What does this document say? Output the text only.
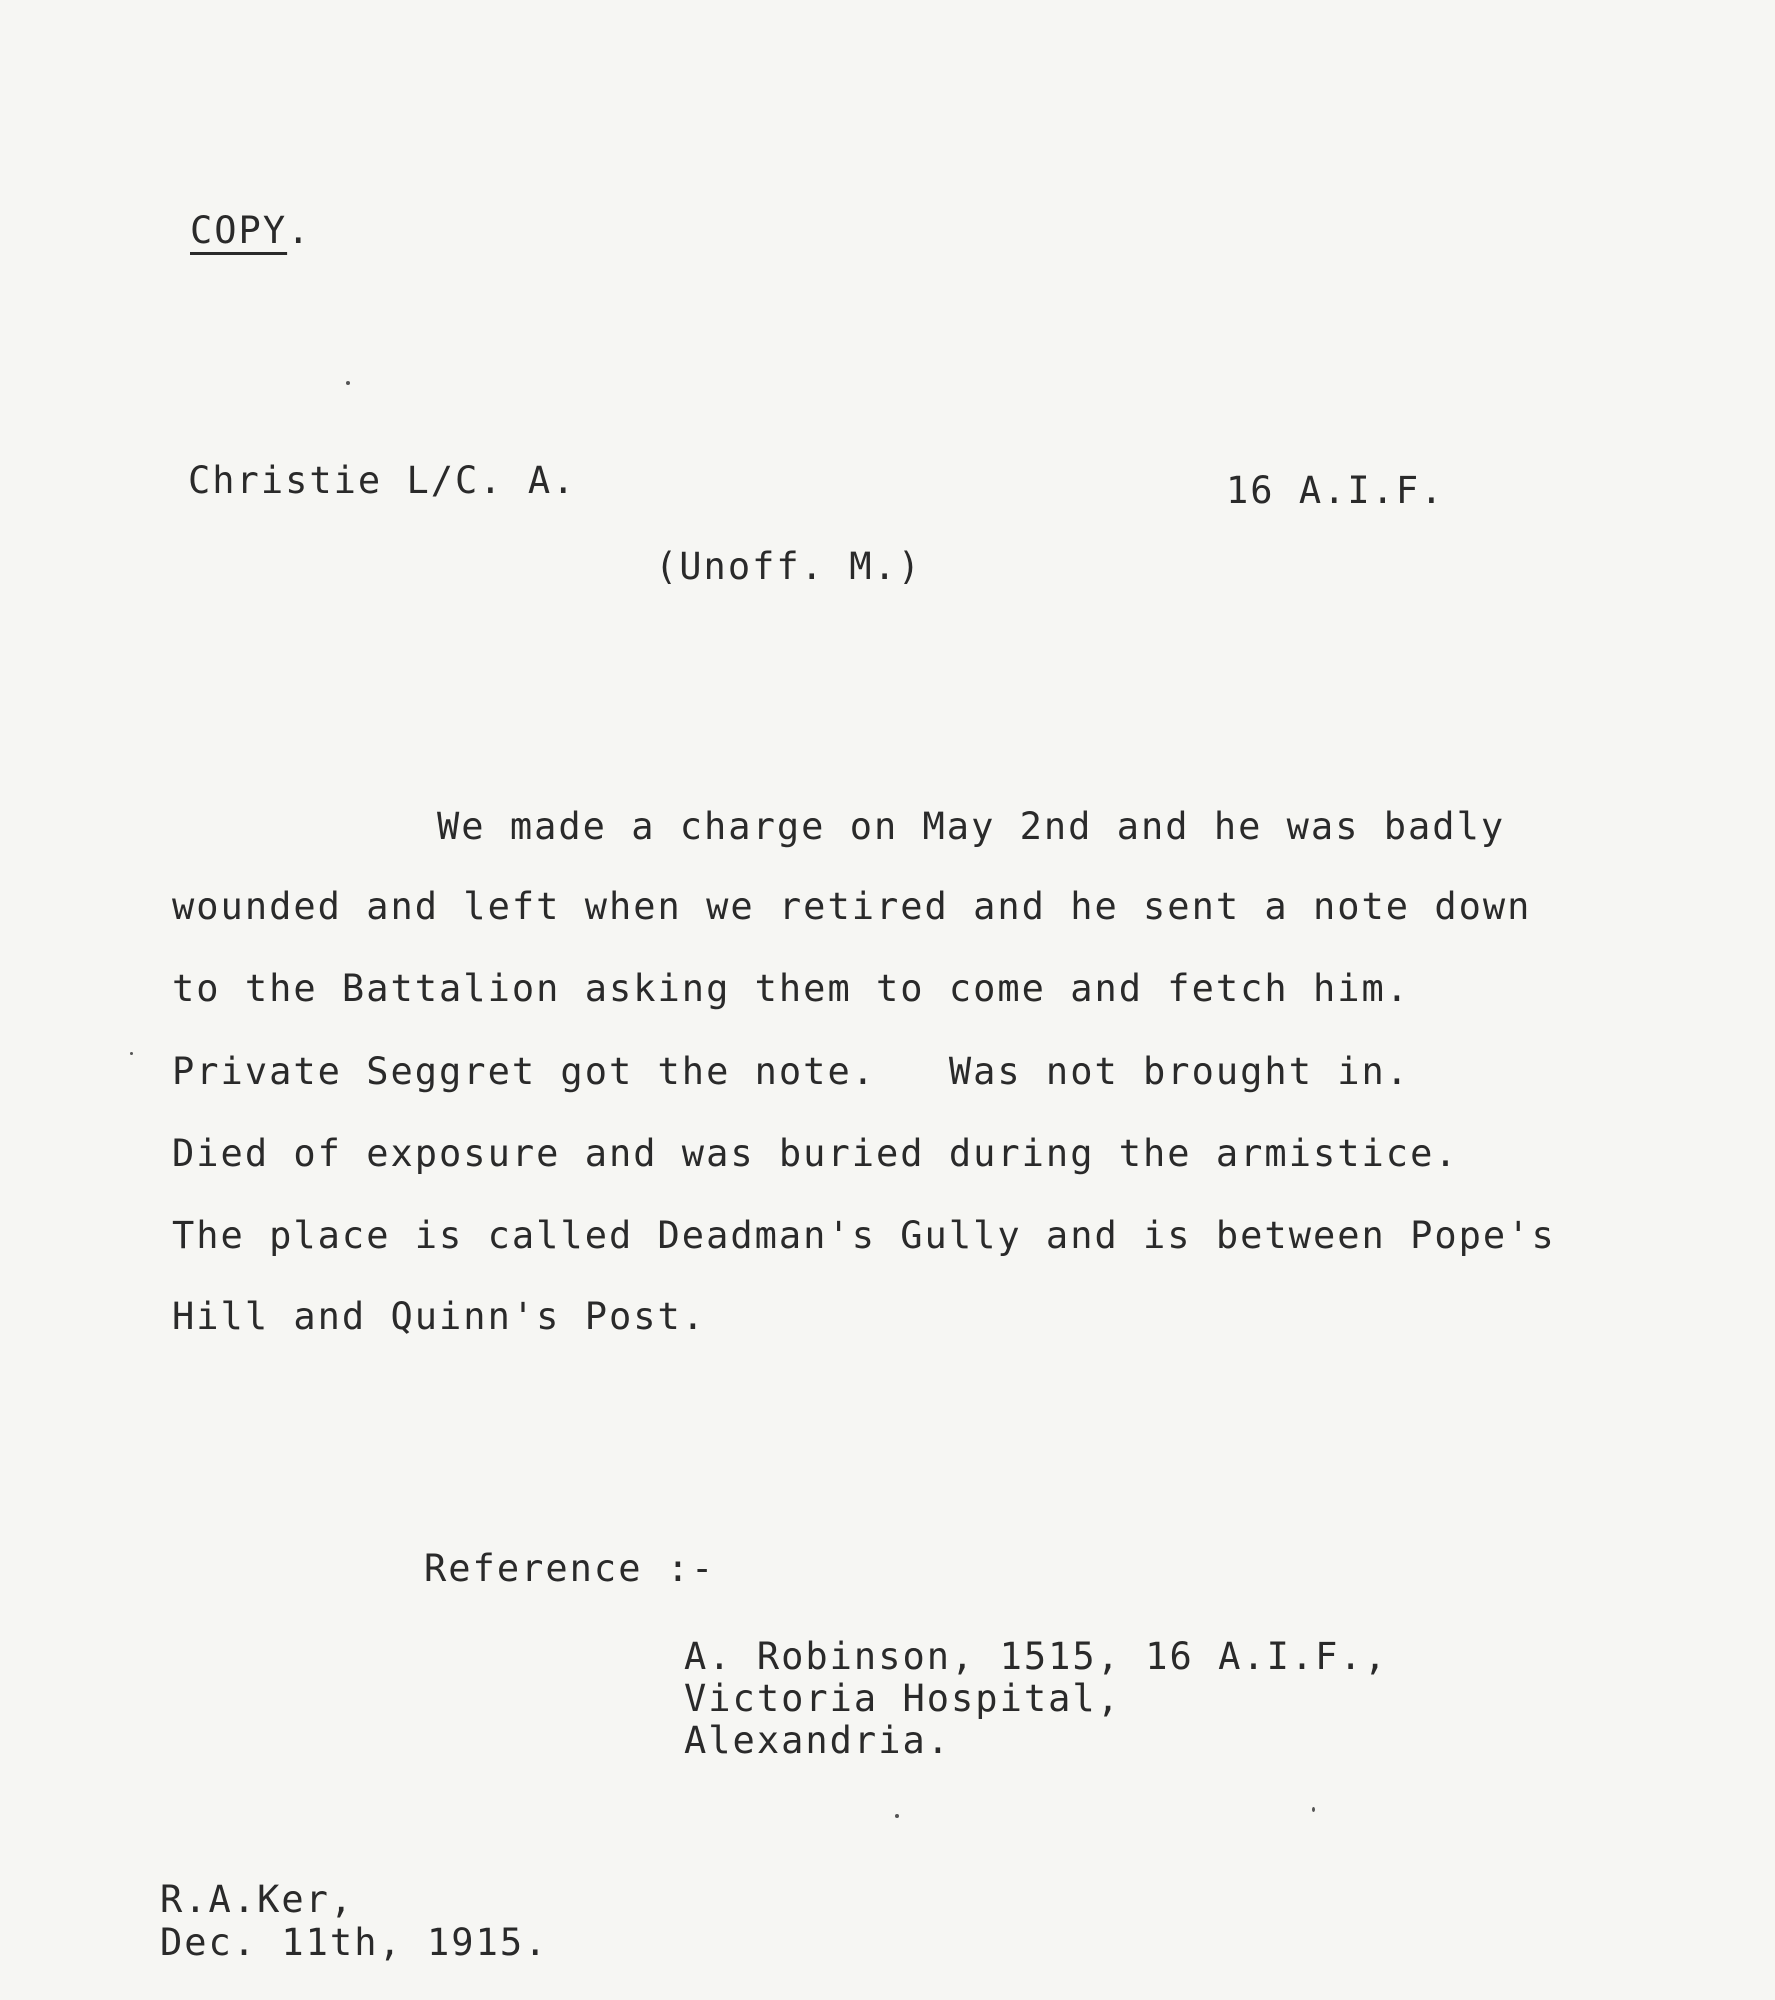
COPY.
Christie L/C. A.	16 A.I.F.
(Unoff. M.)
We made a charge on May 2nd and he was badly
wounded and left when we retired and he sent a note down
to the Battalion asking them to come and fetch him.
Private Seggret got the note.   Was not brought in.
Died of exposure and was buried during the armistice.
The place is called Deadman's Gully and is between Pope's
Hill and Quinn's Post.
Reference :-
A. Robinson, 1515, 16 A.I.F.,
Victoria Hospital,
Alexandria.
R.A.Ker,
Dec. 11th, 1915.
